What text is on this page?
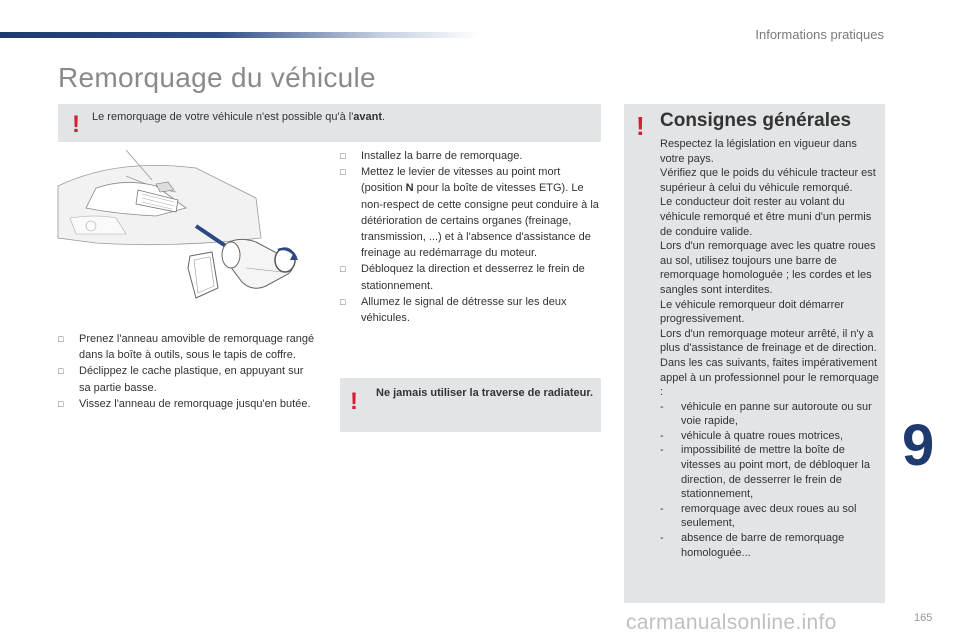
Informations pratiques
Remorquage du véhicule
! Le remorquage de votre véhicule n'est possible qu'à l'avant.
□ Prenez l'anneau amovible de remorquage rangé dans la boîte à outils, sous le tapis de coffre.
□ Déclippez le cache plastique, en appuyant sur sa partie basse.
□ Vissez l'anneau de remorquage jusqu'en butée.
□ Installez la barre de remorquage.
□ Mettez le levier de vitesses au point mort (position N pour la boîte de vitesses ETG). Le non-respect de cette consigne peut conduire à la détérioration de certains organes (freinage, transmission, ...) et à l'absence d'assistance de freinage au redémarrage du moteur.
□ Débloquez la direction et desserrez le frein de stationnement.
□ Allumez le signal de détresse sur les deux véhicules.
! Ne jamais utiliser la traverse de radiateur.
! Consignes générales

Respectez la législation en vigueur dans votre pays.

Vérifiez que le poids du véhicule tracteur est supérieur à celui du véhicule remorqué.

Le conducteur doit rester au volant du véhicule remorqué et être muni d'un permis de conduire valide.

Lors d'un remorquage avec les quatre roues au sol, utilisez toujours une barre de remorquage homologuée ; les cordes et les sangles sont interdites.

Le véhicule remorqueur doit démarrer progressivement.

Lors d'un remorquage moteur arrêté, il n'y a plus d'assistance de freinage et de direction.

Dans les cas suivants, faites impérativement appel à un professionnel pour le remorquage :

- véhicule en panne sur autoroute ou sur voie rapide,
- véhicule à quatre roues motrices,
- impossibilité de mettre la boîte de vitesses au point mort, de débloquer la direction, de desserrer le frein de stationnement,
- remorquage avec deux roues au sol seulement,
- absence de barre de remorquage homologuée...
9
carmanualsonline.info	165
